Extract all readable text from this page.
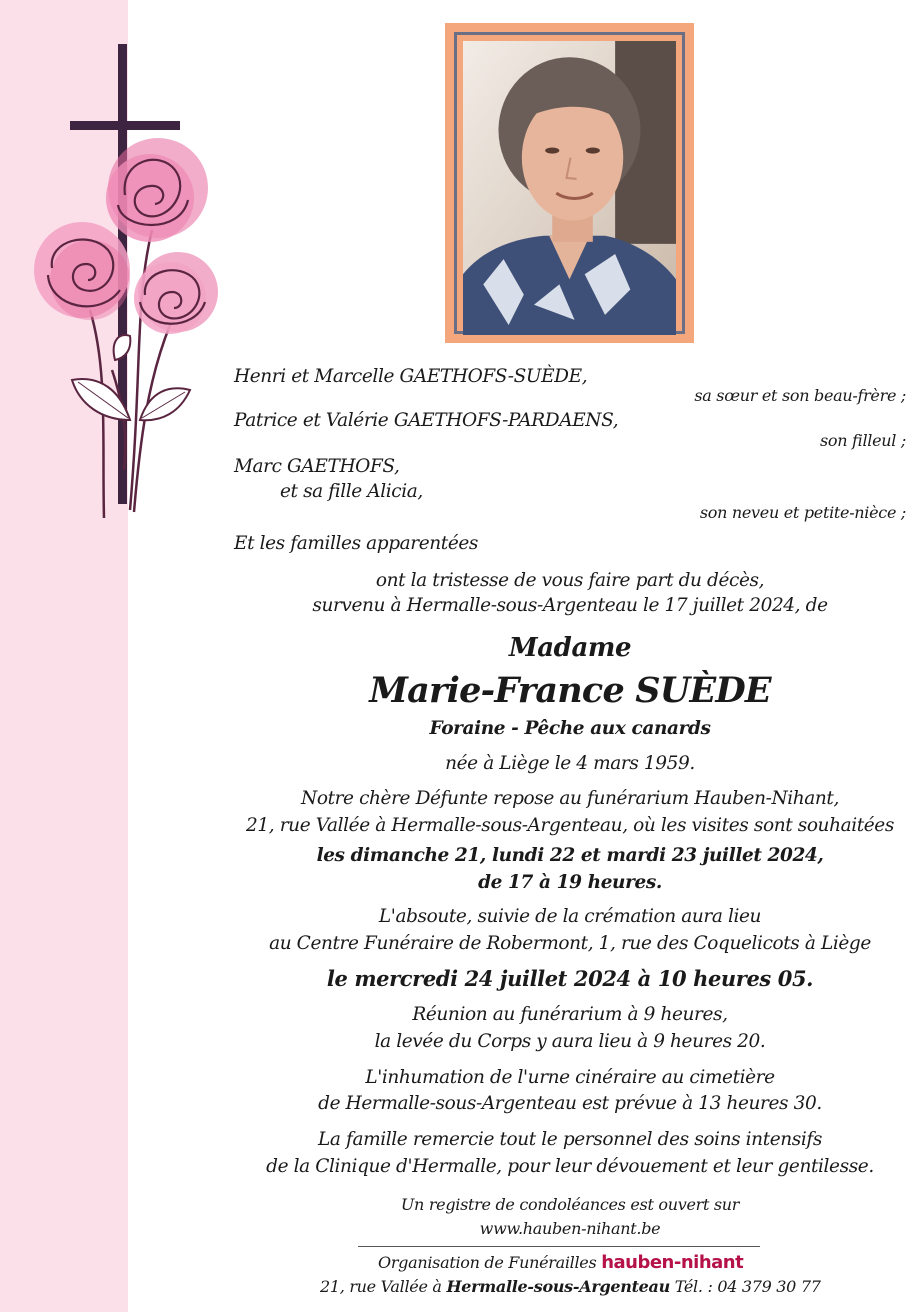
Henri et Marcelle GAETHOFS-SUÈDE,
sa sœur et son beau-frère ;
Patrice et Valérie GAETHOFS-PARDAENS,
son filleul ;
Marc GAETHOFS,
et sa fille Alicia,
son neveu et petite-nièce ;
Et les familles apparentées
ont la tristesse de vous faire part du décès,
survenu à Hermalle-sous-Argenteau le 17 juillet 2024, de
Madame
Marie-France SUÈDE
Foraine - Pêche aux canards
née à Liège le 4 mars 1959.
Notre chère Défunte repose au funérarium Hauben-Nihant,
21, rue Vallée à Hermalle-sous-Argenteau, où les visites sont souhaitées
les dimanche 21, lundi 22 et mardi 23 juillet 2024,
de 17 à 19 heures.
L'absoute, suivie de la crémation aura lieu
au Centre Funéraire de Robermont, 1, rue des Coquelicots à Liège
le mercredi 24 juillet 2024 à 10 heures 05.
Réunion au funérarium à 9 heures,
la levée du Corps y aura lieu à 9 heures 20.
L'inhumation de l'urne cinéraire au cimetière
de Hermalle-sous-Argenteau est prévue à 13 heures 30.
La famille remercie tout le personnel des soins intensifs
de la Clinique d'Hermalle, pour leur dévouement et leur gentilesse.
Un registre de condoléances est ouvert sur
www.hauben-nihant.be
Organisation de Funérailles hauben-nihant
21, rue Vallée à Hermalle-sous-Argenteau Tél. : 04 379 30 77
